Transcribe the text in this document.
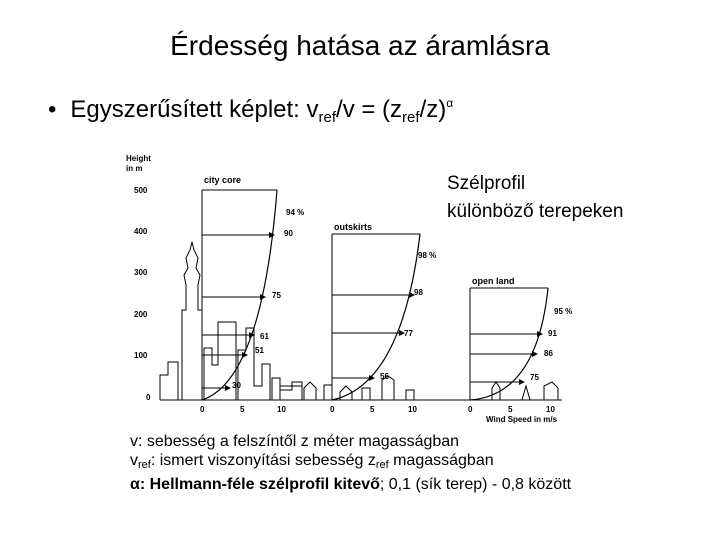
Érdesség hatása az áramlásra
• Egyszerűsített képlet: $v_{ref}/v = (z_{ref}/z)^\alpha$
Szélprofil
különböző terepeken
Height
in m
500
400
300
200
100
0
city core
94 %
90
75
61
51
30
0	5	10
outskirts
98 %
98
77
56
0	5	10
open land
95 %
91
86
75
0	5	10
Wind Speed in m/s
v: sebesség a felszíntől z méter magasságban
$v_{ref}$: ismert viszonyítási sebesség $z_{ref}$ magasságban
α: Hellmann-féle szélprofil kitevő; 0,1 (sík terep) - 0,8 között
